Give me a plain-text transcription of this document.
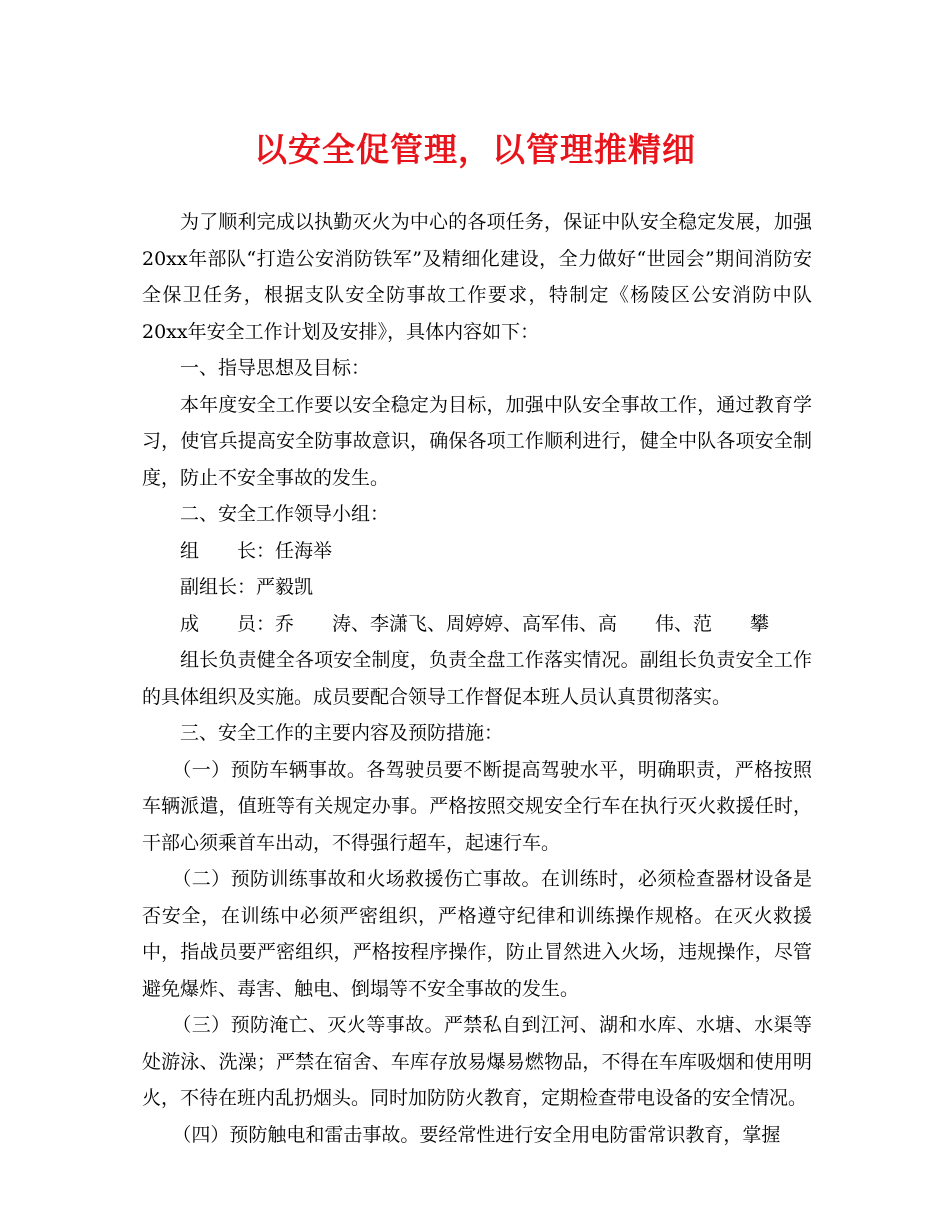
以安全促管理，以管理推精细

为了顺利完成以执勤灭火为中心的各项任务，保证中队安全稳定发展，加强20xx年部队“打造公安消防铁军”及精细化建设，全力做好“世园会”期间消防安全保卫任务，根据支队安全防事故工作要求，特制定《杨陵区公安消防中队20xx年安全工作计划及安排》，具体内容如下：

一、指导思想及目标：

本年度安全工作要以安全稳定为目标，加强中队安全事故工作，通过教育学习，使官兵提高安全防事故意识，确保各项工作顺利进行，健全中队各项安全制度，防止不安全事故的发生。

二、安全工作领导小组：

组　　长：任海举

副组长：严毅凯

成　　员：乔　　涛、李潇飞、周婷婷、高军伟、高　　伟、范　　攀

组长负责健全各项安全制度，负责全盘工作落实情况。副组长负责安全工作的具体组织及实施。成员要配合领导工作督促本班人员认真贯彻落实。

三、安全工作的主要内容及预防措施：

（一）预防车辆事故。各驾驶员要不断提高驾驶水平，明确职责，严格按照车辆派遣，值班等有关规定办事。严格按照交规安全行车在执行灭火救援任时，干部心须乘首车出动，不得强行超车，起速行车。

（二）预防训练事故和火场救援伤亡事故。在训练时，必须检查器材设备是否安全，在训练中必须严密组织，严格遵守纪律和训练操作规格。在灭火救援中，指战员要严密组织，严格按程序操作，防止冒然进入火场，违规操作，尽管避免爆炸、毒害、触电、倒塌等不安全事故的发生。

（三）预防淹亡、灭火等事故。严禁私自到江河、湖和水库、水塘、水渠等处游泳、洗澡；严禁在宿舍、车库存放易爆易燃物品，不得在车库吸烟和使用明火，不待在班内乱扔烟头。同时加防防火教育，定期检查带电设备的安全情况。

（四）预防触电和雷击事故。要经常性进行安全用电防雷常识教育，掌握
